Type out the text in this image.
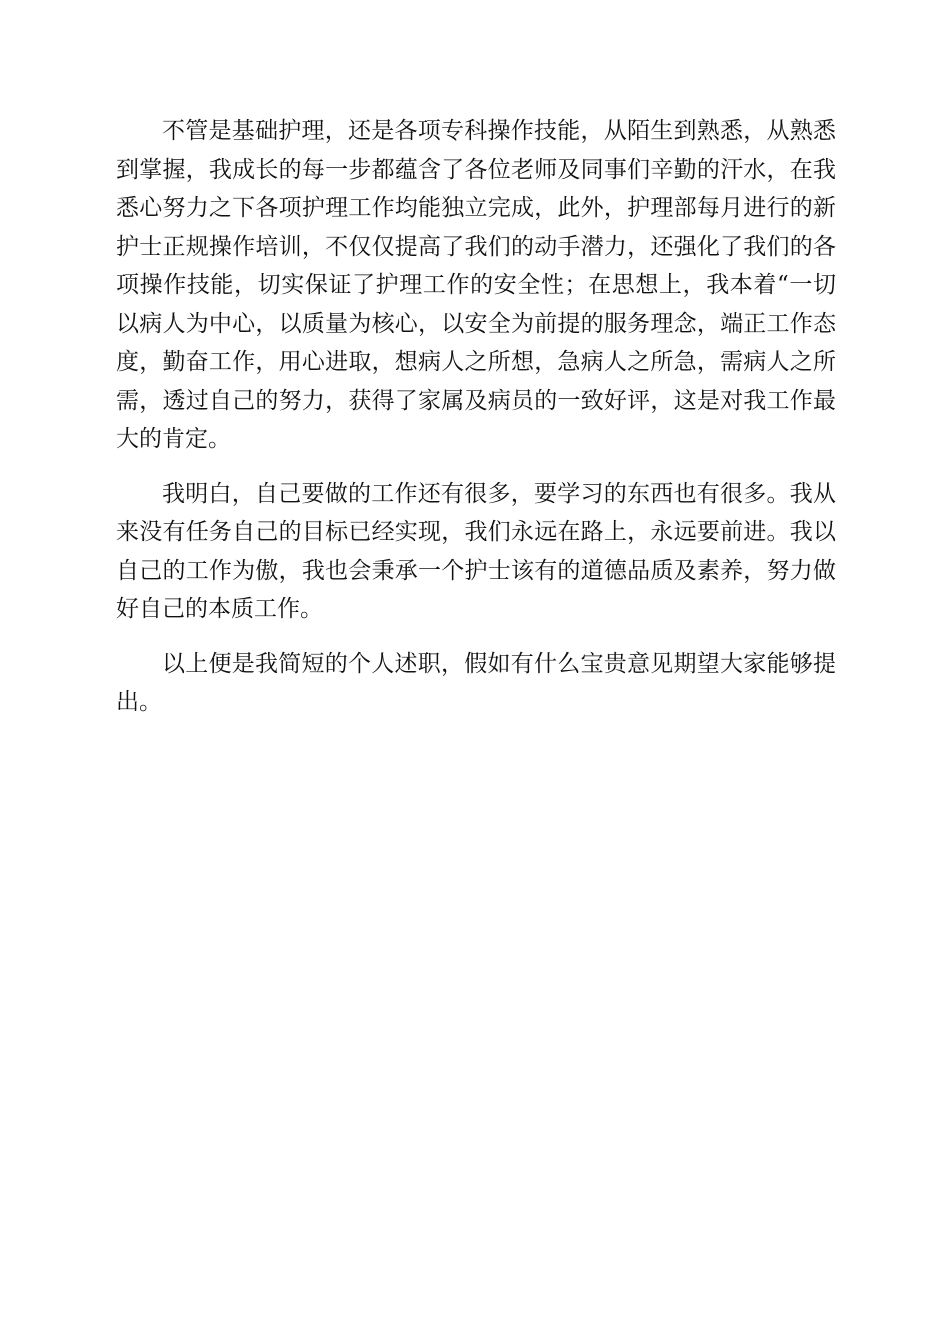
不管是基础护理，还是各项专科操作技能，从陌生到熟悉，从熟悉到掌握，我成长的每一步都蕴含了各位老师及同事们辛勤的汗水，在我悉心努力之下各项护理工作均能独立完成，此外，护理部每月进行的新护士正规操作培训，不仅仅提高了我们的动手潜力，还强化了我们的各项操作技能，切实保证了护理工作的安全性；在思想上，我本着“一切以病人为中心，以质量为核心，以安全为前提的服务理念，端正工作态度，勤奋工作，用心进取，想病人之所想，急病人之所急，需病人之所需，透过自己的努力，获得了家属及病员的一致好评，这是对我工作最大的肯定。

我明白，自己要做的工作还有很多，要学习的东西也有很多。我从来没有任务自己的目标已经实现，我们永远在路上，永远要前进。我以自己的工作为傲，我也会秉承一个护士该有的道德品质及素养，努力做好自己的本质工作。

以上便是我简短的个人述职，假如有什么宝贵意见期望大家能够提出。
